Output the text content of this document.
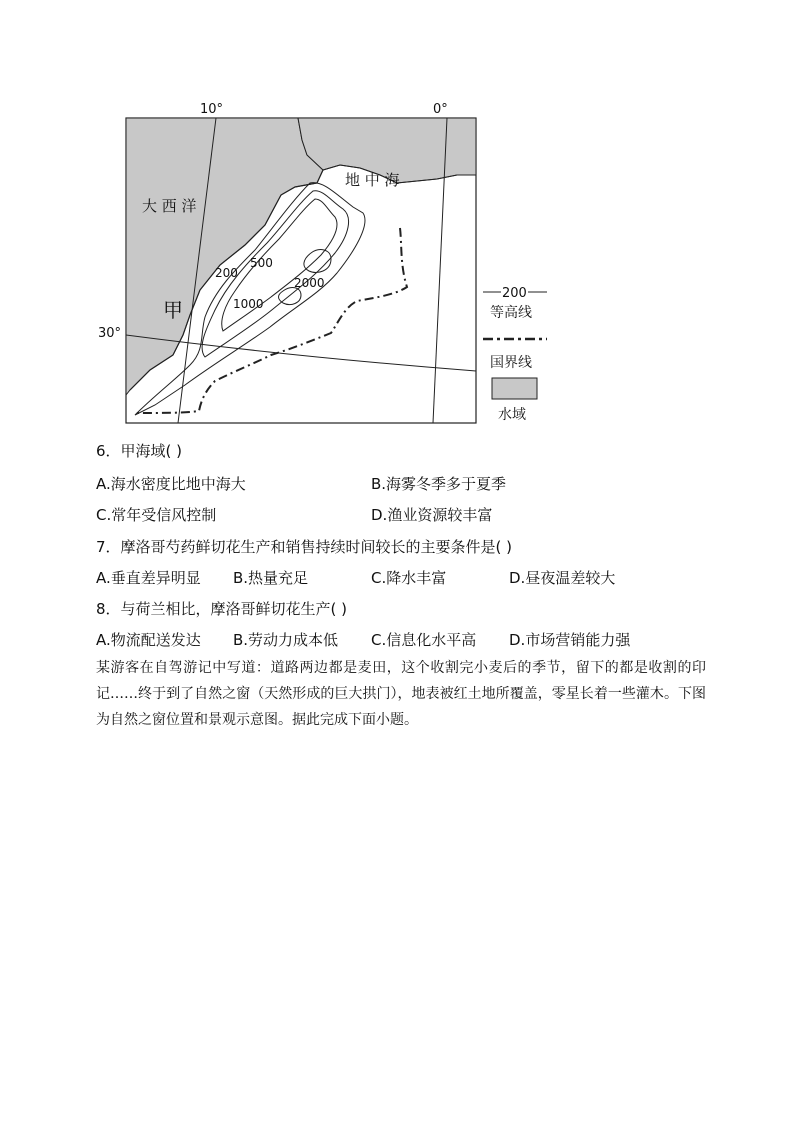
10°	0°
30°
大 西 洋
地 中 海
甲
200
500
1000
2000
200
等高线
国界线
水域
6．甲海域( )
A.海水密度比地中海大	B.海雾冬季多于夏季
C.常年受信风控制	D.渔业资源较丰富
7．摩洛哥芍药鲜切花生产和销售持续时间较长的主要条件是( )
A.垂直差异明显 B.热量充足	C.降水丰富	D.昼夜温差较大
8．与荷兰相比，摩洛哥鲜切花生产( )
A.物流配送发达 B.劳动力成本低 C.信息化水平高 D.市场营销能力强

某游客在自驾游记中写道：道路两边都是麦田，这个收割完小麦后的季节，留下的都是收割的印记……终于到了自然之窗（天然形成的巨大拱门），地表被红土地所覆盖，零星长着一些灌木。下图为自然之窗位置和景观示意图。据此完成下面小题。
